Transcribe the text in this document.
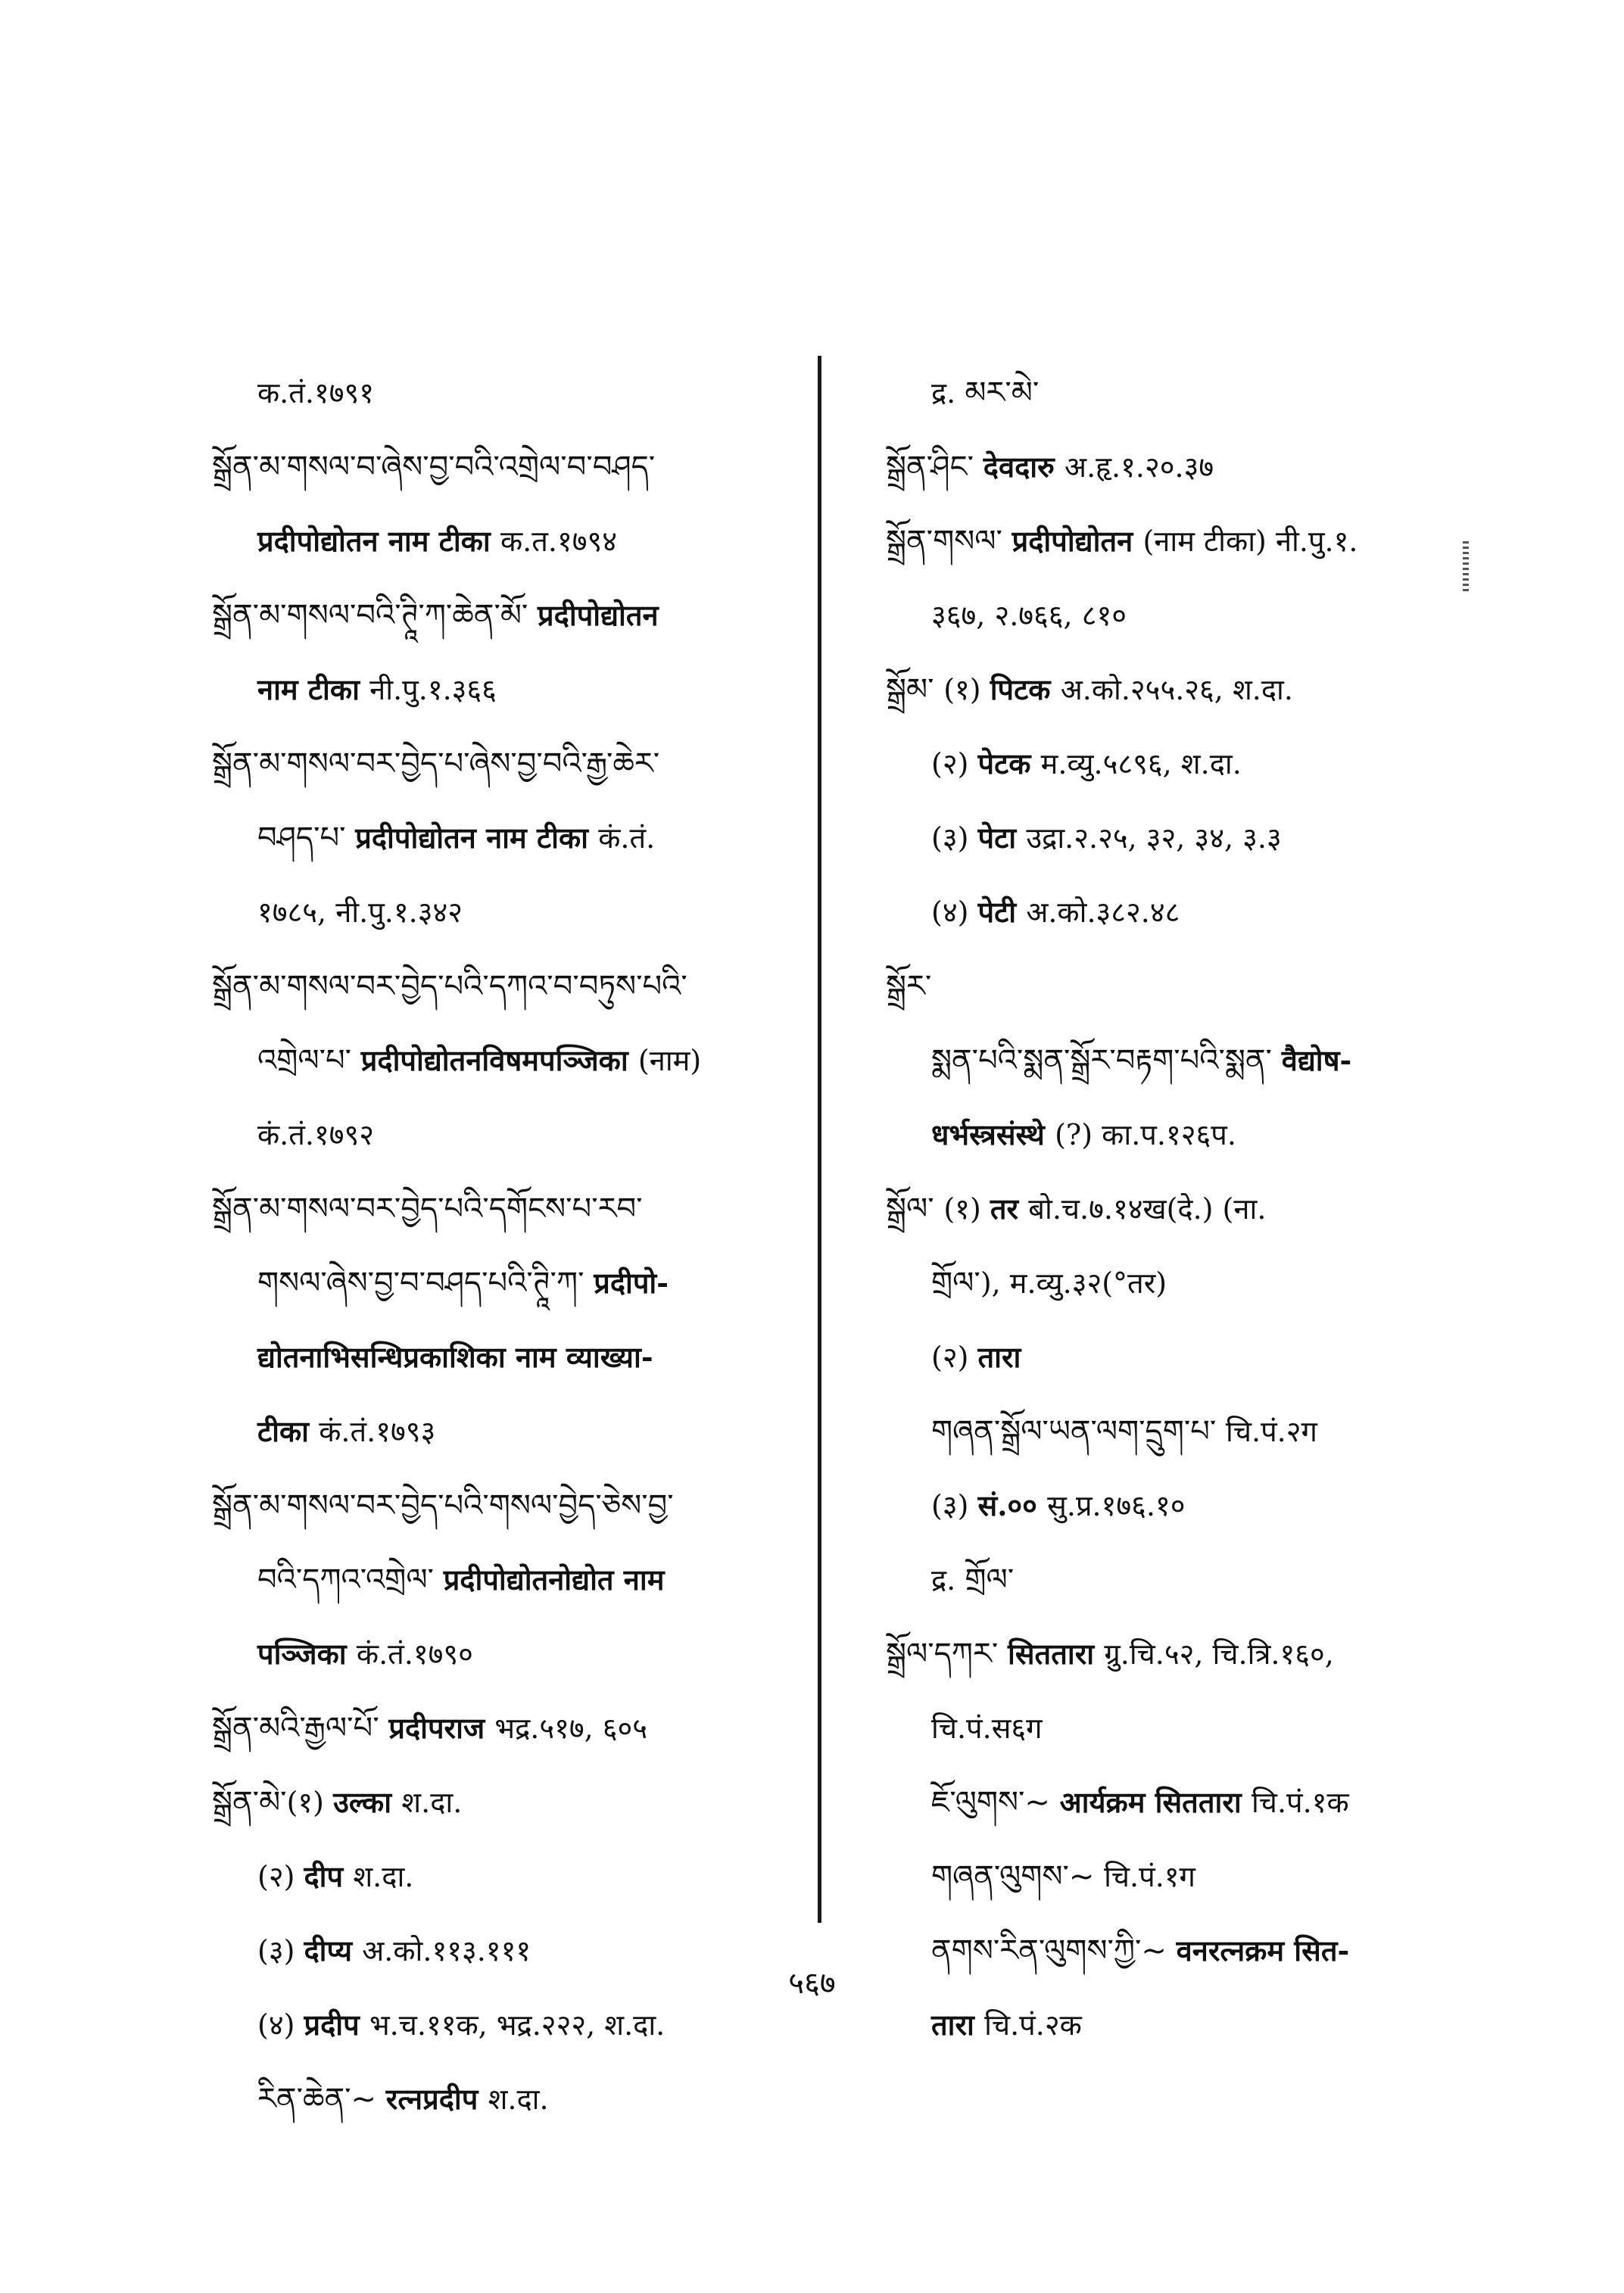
क.तं.१७९१
སྒྲོན་མ་གསལ་བ་ཞེས་བྱ་བའི་འགྲེལ་བ་བཤད་
प्रदीपोद्योतन नाम टीका क.त.१७९४
སྒྲོན་མ་གསལ་བའི་ཊཱི་ཀ་ཆེན་མོ་ प्रदीपोद्योतन
नाम टीका नी.पु.१.३६६
སྒྲོན་མ་གསལ་བར་བྱེད་པ་ཞེས་བྱ་བའི་རྒྱ་ཆེར་
བཤད་པ་ प्रदीपोद्योतन नाम टीका कं.तं.
१७८५, नी.पु.१.३४२
སྒྲོན་མ་གསལ་བར་བྱེད་པའི་དཀའ་བ་བཏུས་པའི་
འགྲེལ་པ་ प्रदीपोद्योतनविषमपञ्जिका (नाम)
कं.तं.१७९२
སྒྲོན་མ་གསལ་བར་བྱེད་པའི་དགོངས་པ་རབ་
གསལ་ཞེས་བྱ་བ་བཤད་པའི་ཊཱི་ཀ་ प्रदीपो-
द्योतनाभिसन्धिप्रकाशिका नाम व्याख्या-
टीका कं.तं.१७९३
སྒྲོན་མ་གསལ་བར་བྱེད་པའི་གསལ་བྱེད་ཅེས་བྱ་
བའི་དཀའ་འགྲེལ་ प्रदीपोद्योतनोद्योत नाम
पञ्जिका कं.तं.१७९०
སྒྲོན་མའི་རྒྱལ་པོ་ प्रदीपराज भद्र.५१७, ६०५
སྒྲོན་མེ་(१) उल्का श.दा.
(२) दीप श.दा.
(३) दीप्य अ.को.११३.१११
(४) प्रदीप भ.च.११क, भद्र.२२२, श.दा.
རིན་ཆེན་~ रत्नप्रदीप श.दा.
द्र. མར་མེ་
སྒྲོན་ཤིང་ देवदारु अ.हृ.१.२०.३७
སྒྲོན་གསལ་ प्रदीपोद्योतन (नाम टीका) नी.पु.१.
३६७, २.७६६, ८१०
སྒྲོམ་ (१) पिटक अ.को.२५५.२६, श.दा.
(२) पेटक म.व्यु.५८९६, श.दा.
(३) पेटा उद्रा.२.२५, ३२, ३४, ३.३
(४) पेटी अ.को.३८२.४८
སྒྲོར་
སྨན་པའི་སྨན་སྒྲོར་བརྟག་པའི་སྨན་ वैद्योष-
धर्भस्त्रसंस्थे (?) का.प.१२६प.
སྒྲོལ་ (१) तर बो.च.७.१४ख(दे.) (ना.
གྲོལ་), म.व्यु.३२(°तर)
(२) तारा
གཞན་སྒྲོལ་ཡན་ལག་དྲུག་པ་ चि.पं.२ग
(३) सं.०० सु.प्र.१७६.१०
द्र. གྲོལ་
སྒྲོལ་དཀར་ सिततारा ग्रु.चि.५२, चि.त्रि.१६०,
चि.पं.स६ग
ཇོ་ལུགས་~ आर्यक्रम सिततारा चि.पं.१क
གཞན་ལུགས་~ चि.पं.१ग
ནགས་རིན་ལུགས་ཀྱི་~ वनरत्नक्रम सित-
तारा चि.पं.२क
५६७
